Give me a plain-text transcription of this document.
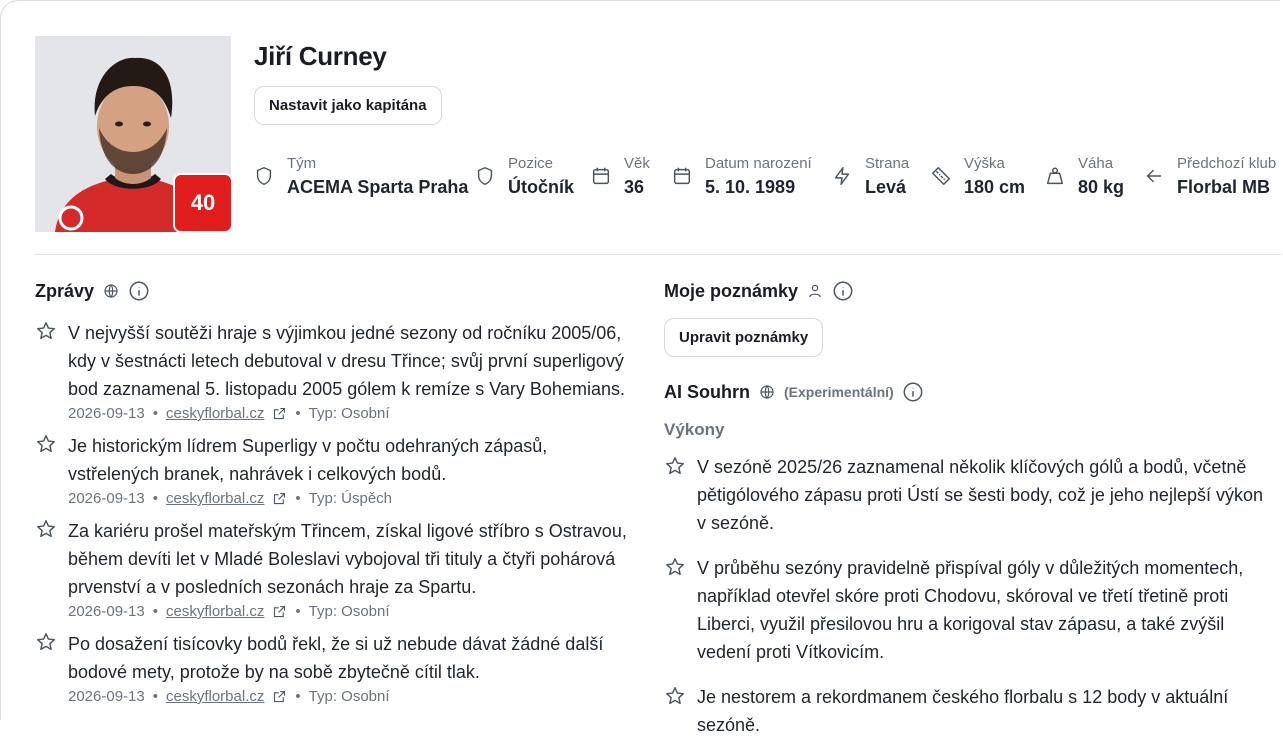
40
Jiří Curney
Nastavit jako kapitána
Tým
ACEMA Sparta Praha
Pozice
Útočník
Věk
36
Datum narození
5. 10. 1989
Strana
Levá
Výška
180 cm
Váha
80 kg
Předchozí klub
Florbal MB
Zprávy
V nejvyšší soutěži hraje s výjimkou jedné sezony od ročníku 2005/06, kdy v šestnácti letech debutoval v dresu Třince; svůj první superligový bod zaznamenal 5. listopadu 2005 gólem k remíze s Vary Bohemians.
2026-09-13 • ceskyflorbal.cz • Typ: Osobní
Je historickým lídrem Superligy v počtu odehraných zápasů, vstřelených branek, nahrávek i celkových bodů.
2026-09-13 • ceskyflorbal.cz • Typ: Úspěch
Za kariéru prošel mateřským Třincem, získal ligové stříbro s Ostravou, během devíti let v Mladé Boleslavi vybojoval tři tituly a čtyři pohárová prvenství a v posledních sezonách hraje za Spartu.
2026-09-13 • ceskyflorbal.cz • Typ: Osobní
Po dosažení tisícovky bodů řekl, že si už nebude dávat žádné další bodové mety, protože by na sobě zbytečně cítil tlak.
2026-09-13 • ceskyflorbal.cz • Typ: Osobní
Moje poznámky
Upravit poznámky
AI Souhrn (Experimentální)
Výkony
V sezóně 2025/26 zaznamenal několik klíčových gólů a bodů, včetně pětigólového zápasu proti Ústí se šesti body, což je jeho nejlepší výkon v sezóně.
V průběhu sezóny pravidelně přispíval góly v důležitých momentech, například otevřel skóre proti Chodovu, skóroval ve třetí třetině proti Liberci, využil přesilovou hru a korigoval stav zápasu, a také zvýšil vedení proti Vítkovicím.
Je nestorem a rekordmanem českého florbalu s 12 body v aktuální sezóně.
